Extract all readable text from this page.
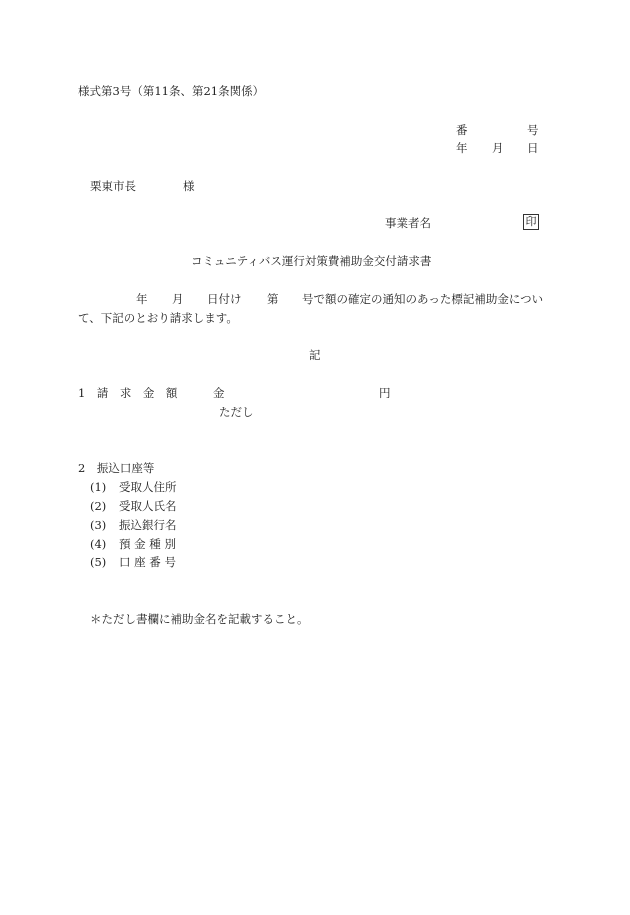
様式第3号（第11条、第21条関係）
番	号
年 月 日
栗東市長	様
事業者名	印
コミュニティバス運行対策費補助金交付請求書
年 月 日付け 第 号で額の確定の通知のあった標記補助金につい
て、下記のとおり請求します。
記
1　請　求　金　額	金	円
ただし
2　振込口座等
(1) 受取人住所
(2) 受取人氏名
(3) 振込銀行名
(4) 預 金 種 別
(5) 口 座 番 号
＊ただし書欄に補助金名を記載すること。
